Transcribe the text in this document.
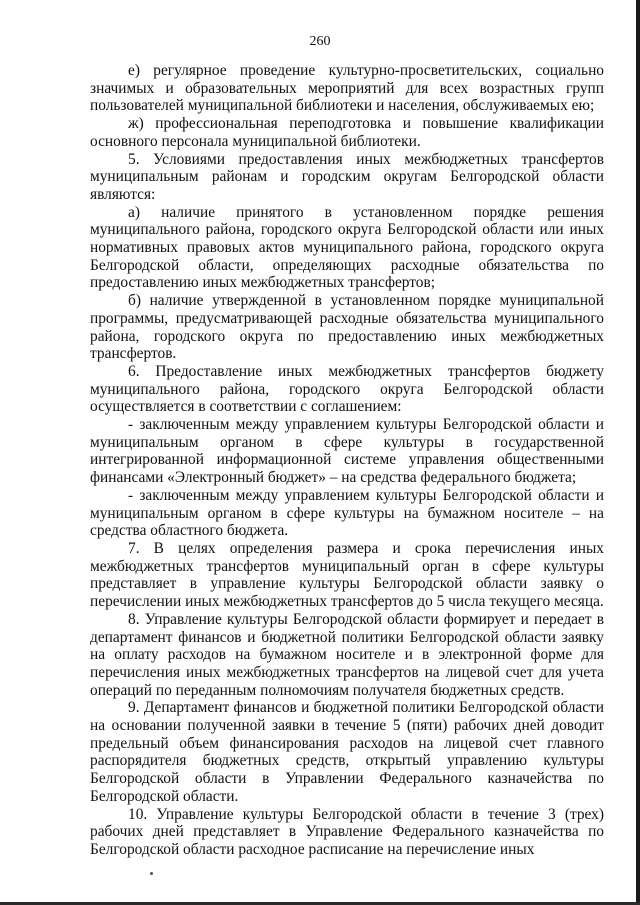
260

е) регулярное проведение культурно-просветительских, социально значимых и образовательных мероприятий для всех возрастных групп пользователей муниципальной библиотеки и населения, обслуживаемых ею;

ж) профессиональная переподготовка и повышение квалификации основного персонала муниципальной библиотеки.

5. Условиями предоставления иных межбюджетных трансфертов муниципальным районам и городским округам Белгородской области являются:

а) наличие принятого в установленном порядке решения муниципального района, городского округа Белгородской области или иных нормативных правовых актов муниципального района, городского округа Белгородской области, определяющих расходные обязательства по предоставлению иных межбюджетных трансфертов;

б) наличие утвержденной в установленном порядке муниципальной программы, предусматривающей расходные обязательства муниципального района, городского округа по предоставлению иных межбюджетных трансфертов.

6. Предоставление иных межбюджетных трансфертов бюджету муниципального района, городского округа Белгородской области осуществляется в соответствии с соглашением:

- заключенным между управлением культуры Белгородской области и муниципальным органом в сфере культуры в государственной интегрированной информационной системе управления общественными финансами «Электронный бюджет» – на средства федерального бюджета;

- заключенным между управлением культуры Белгородской области и муниципальным органом в сфере культуры на бумажном носителе – на средства областного бюджета.

7. В целях определения размера и срока перечисления иных межбюджетных трансфертов муниципальный орган в сфере культуры представляет в управление культуры Белгородской области заявку о перечислении иных межбюджетных трансфертов до 5 числа текущего месяца.

8. Управление культуры Белгородской области формирует и передает в департамент финансов и бюджетной политики Белгородской области заявку на оплату расходов на бумажном носителе и в электронной форме для перечисления иных межбюджетных трансфертов на лицевой счет для учета операций по переданным полномочиям получателя бюджетных средств.

9. Департамент финансов и бюджетной политики Белгородской области на основании полученной заявки в течение 5 (пяти) рабочих дней доводит предельный объем финансирования расходов на лицевой счет главного распорядителя бюджетных средств, открытый управлению культуры Белгородской области в Управлении Федерального казначейства по Белгородской области.

10. Управление культуры Белгородской области в течение 3 (трех) рабочих дней представляет в Управление Федерального казначейства по Белгородской области расходное расписание на перечисление иных
